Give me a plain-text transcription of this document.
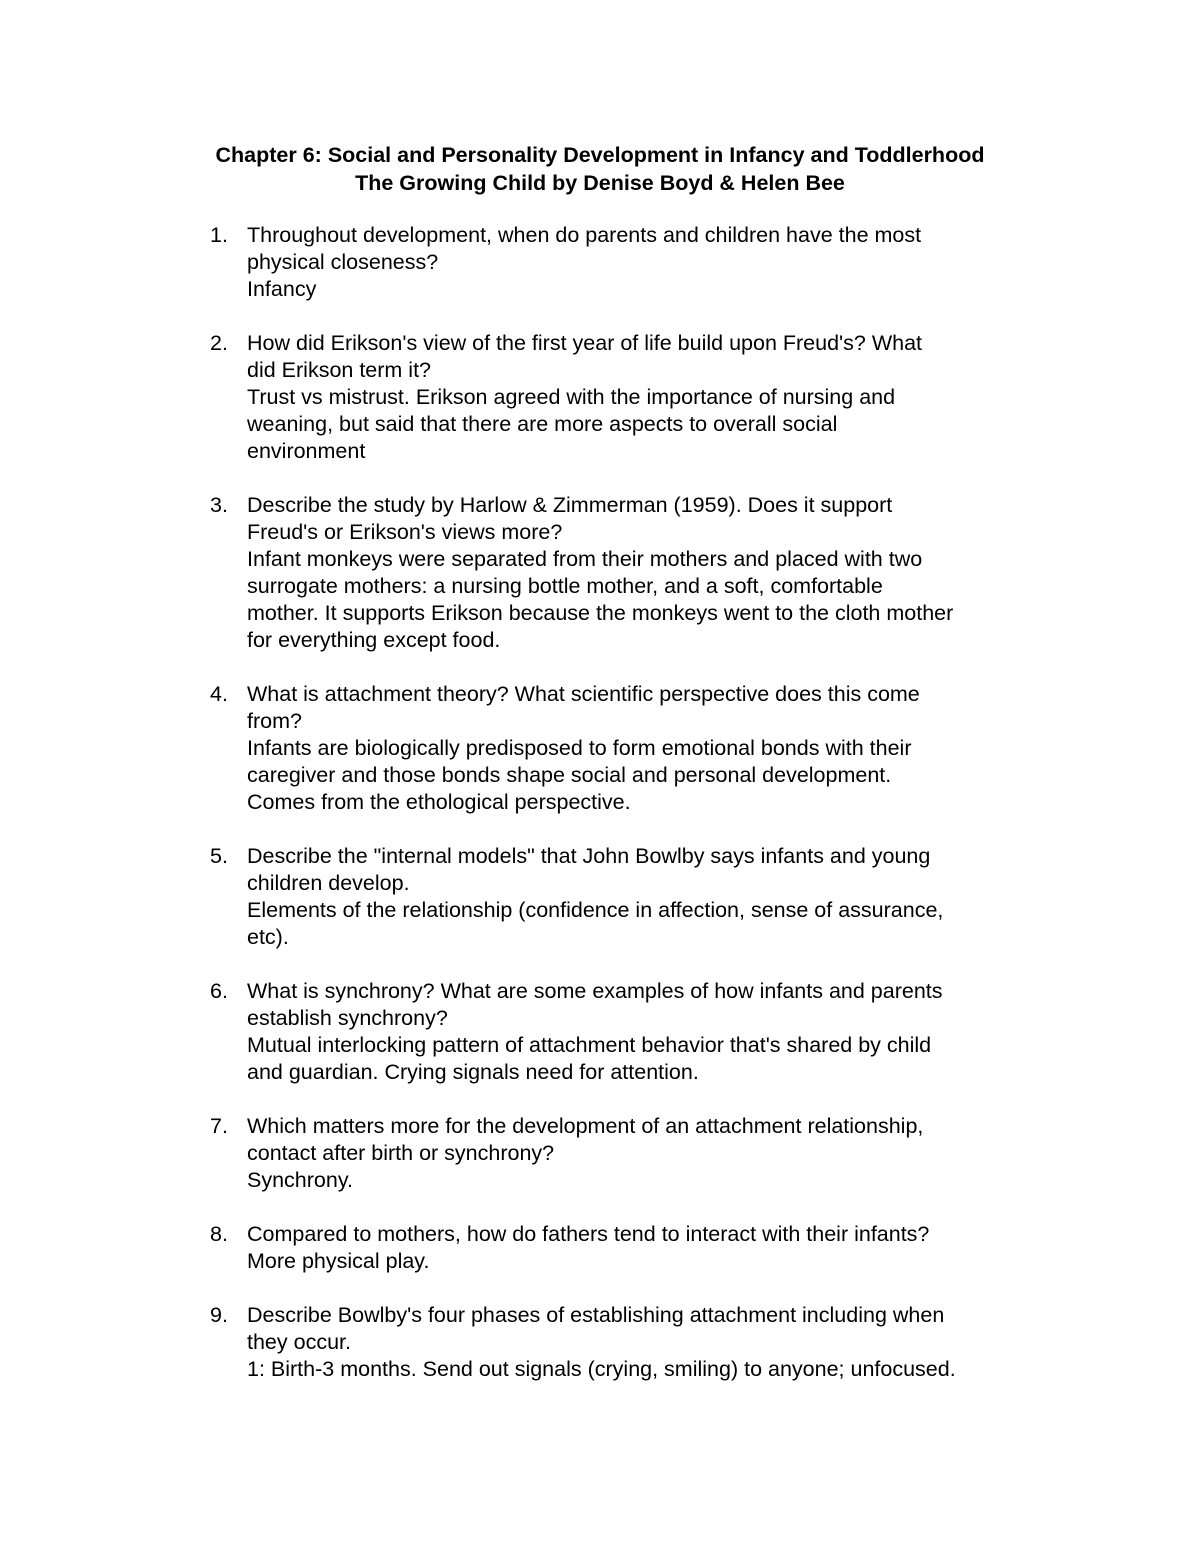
Chapter 6: Social and Personality Development in Infancy and Toddlerhood
The Growing Child by Denise Boyd & Helen Bee
1. Throughout development, when do parents and children have the most
physical closeness?
Infancy
2. How did Erikson's view of the first year of life build upon Freud's? What
did Erikson term it?
Trust vs mistrust. Erikson agreed with the importance of nursing and
weaning, but said that there are more aspects to overall social
environment
3. Describe the study by Harlow & Zimmerman (1959). Does it support
Freud's or Erikson's views more?
Infant monkeys were separated from their mothers and placed with two
surrogate mothers: a nursing bottle mother, and a soft, comfortable
mother. It supports Erikson because the monkeys went to the cloth mother
for everything except food.
4. What is attachment theory? What scientific perspective does this come
from?
Infants are biologically predisposed to form emotional bonds with their
caregiver and those bonds shape social and personal development.
Comes from the ethological perspective.
5. Describe the "internal models" that John Bowlby says infants and young
children develop.
Elements of the relationship (confidence in affection, sense of assurance,
etc).
6. What is synchrony? What are some examples of how infants and parents
establish synchrony?
Mutual interlocking pattern of attachment behavior that's shared by child
and guardian. Crying signals need for attention.
7. Which matters more for the development of an attachment relationship,
contact after birth or synchrony?
Synchrony.
8. Compared to mothers, how do fathers tend to interact with their infants?
More physical play.
9. Describe Bowlby's four phases of establishing attachment including when
they occur.
1: Birth-3 months. Send out signals (crying, smiling) to anyone; unfocused.
